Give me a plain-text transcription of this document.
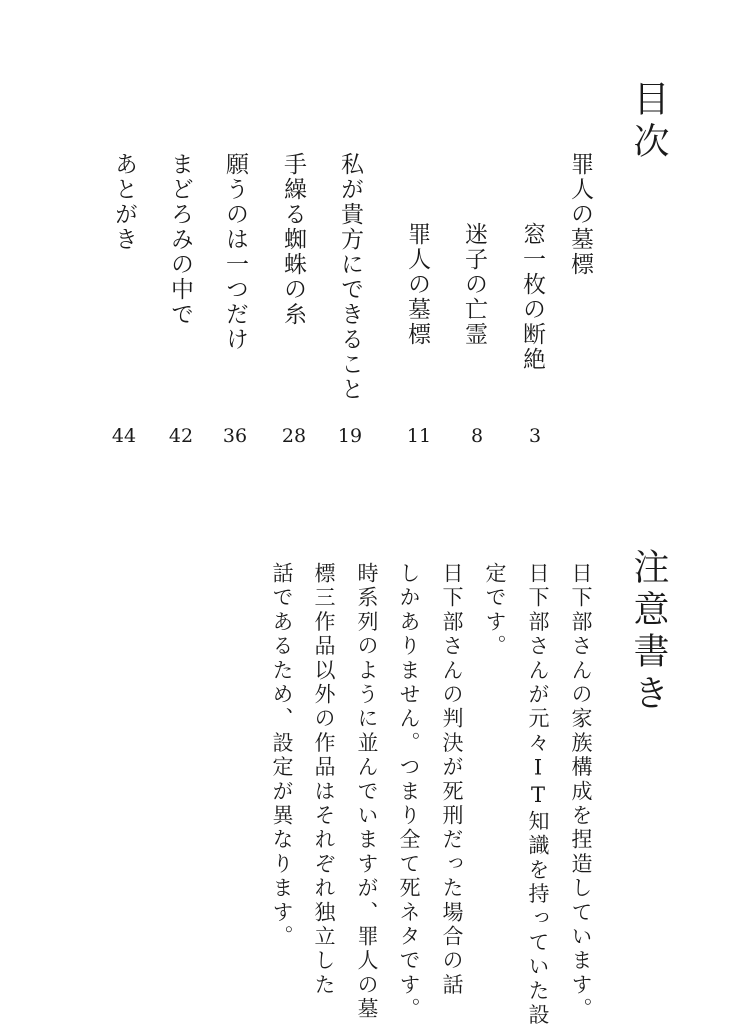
目次
罪人の墓標
窓一枚の断絶
3
迷子の亡霊
8
罪人の墓標
11
私が貴方にできること
19
手繰る蜘蛛の糸
28
願うのは一つだけ
36
まどろみの中で
42
あとがき
44
注意書き
日下部さんの家族構成を捏造しています。
日下部さんが元々IT知識を持っていた設
定です。
日下部さんの判決が死刑だった場合の話
しかありません。つまり全て死ネタです。
時系列のように並んでいますが、罪人の墓
標三作品以外の作品はそれぞれ独立した
話であるため、設定が異なります。
